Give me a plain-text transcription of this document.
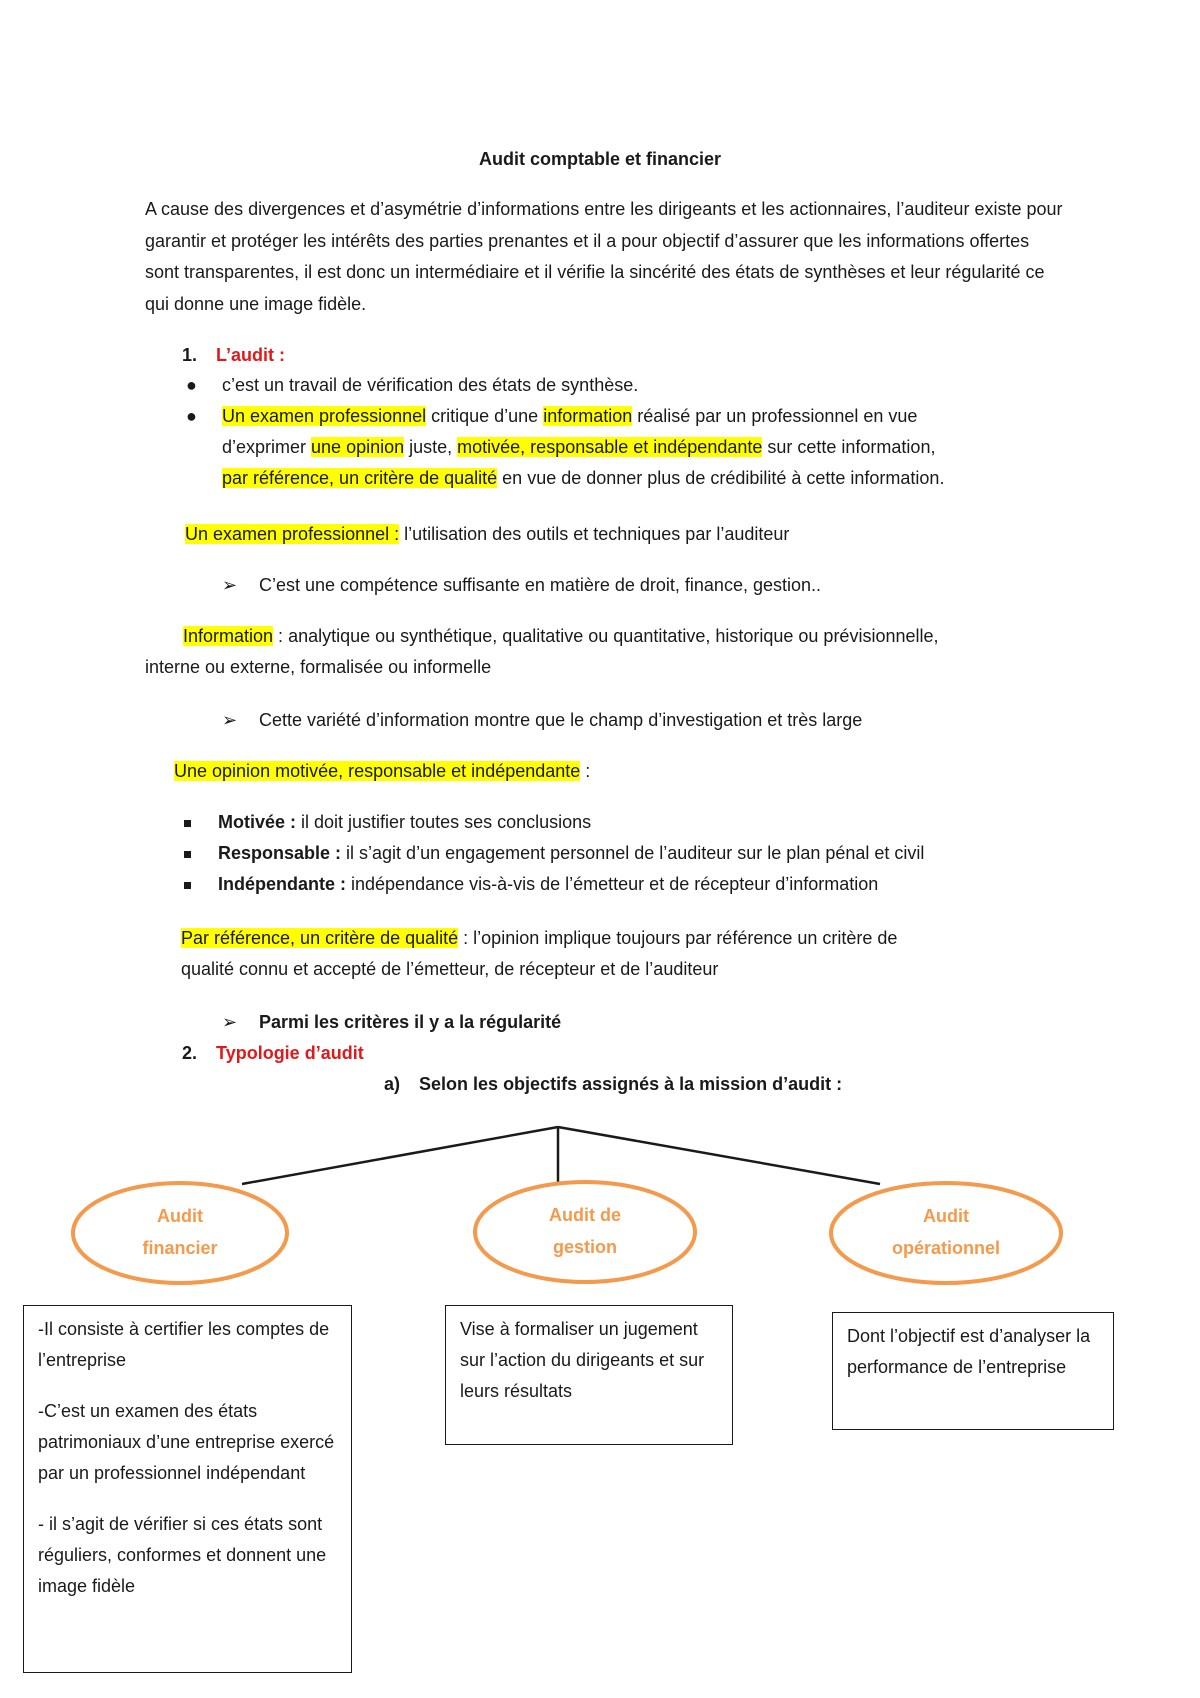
Audit comptable et financier
A cause des divergences et d’asymétrie d’informations entre les dirigeants et les actionnaires, l’auditeur existe pour garantir et protéger les intérêts des parties prenantes et il a pour objectif d’assurer que les informations offertes sont transparentes, il est donc un intermédiaire et il vérifie la sincérité des états de synthèses et leur régularité ce qui donne une image fidèle.
1. L’audit :
● c’est un travail de vérification des états de synthèse.
● Un examen professionnel critique d’une information réalisé par un professionnel en vue
d’exprimer une opinion juste, motivée, responsable et indépendante sur cette information,
par référence, un critère de qualité en vue de donner plus de crédibilité à cette information.
Un examen professionnel : l’utilisation des outils et techniques par l’auditeur
➢ C’est une compétence suffisante en matière de droit, finance, gestion..
Information : analytique ou synthétique, qualitative ou quantitative, historique ou prévisionnelle,
interne ou externe, formalisée ou informelle
➢ Cette variété d’information montre que le champ d’investigation et très large
Une opinion motivée, responsable et indépendante :
Motivée : il doit justifier toutes ses conclusions
Responsable : il s’agit d’un engagement personnel de l’auditeur sur le plan pénal et civil
Indépendante : indépendance vis-à-vis de l’émetteur et de récepteur d’information
Par référence, un critère de qualité : l’opinion implique toujours par référence un critère de
qualité connu et accepté de l’émetteur, de récepteur et de l’auditeur
➢ Parmi les critères il y a la régularité
2. Typologie d’audit
a) Selon les objectifs assignés à la mission d’audit :
Audit
financier
Audit de
gestion
Audit
opérationnel

-Il consiste à certifier les comptes de l’entreprise

-C’est un examen des états patrimoniaux d’une entreprise exercé par un professionnel indépendant

- il s’agit de vérifier si ces états sont réguliers, conformes et donnent une image fidèle

Vise à formaliser un jugement sur l’action du dirigeants et sur leurs résultats

Dont l’objectif est d’analyser la performance de l’entreprise
